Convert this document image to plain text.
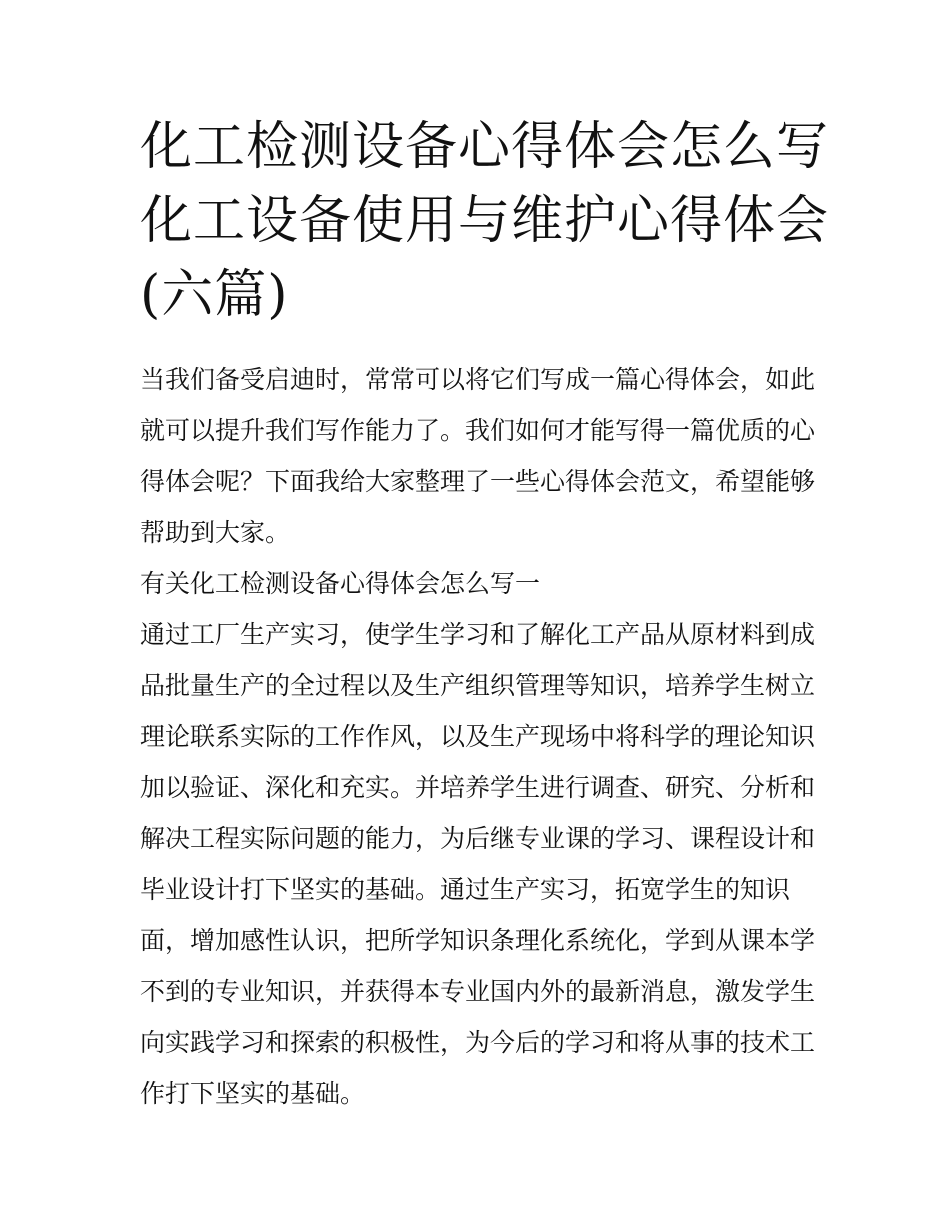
化工检测设备心得体会怎么写
化工设备使用与维护心得体会
(六篇)
当我们备受启迪时，常常可以将它们写成一篇心得体会，如此
就可以提升我们写作能力了。我们如何才能写得一篇优质的心
得体会呢？下面我给大家整理了一些心得体会范文，希望能够
帮助到大家。
有关化工检测设备心得体会怎么写一
通过工厂生产实习，使学生学习和了解化工产品从原材料到成
品批量生产的全过程以及生产组织管理等知识，培养学生树立
理论联系实际的工作作风，以及生产现场中将科学的理论知识
加以验证、深化和充实。并培养学生进行调查、研究、分析和
解决工程实际问题的能力，为后继专业课的学习、课程设计和
毕业设计打下坚实的基础。通过生产实习，拓宽学生的知识
面，增加感性认识，把所学知识条理化系统化，学到从课本学
不到的专业知识，并获得本专业国内外的最新消息，激发学生
向实践学习和探索的积极性，为今后的学习和将从事的技术工
作打下坚实的基础。
